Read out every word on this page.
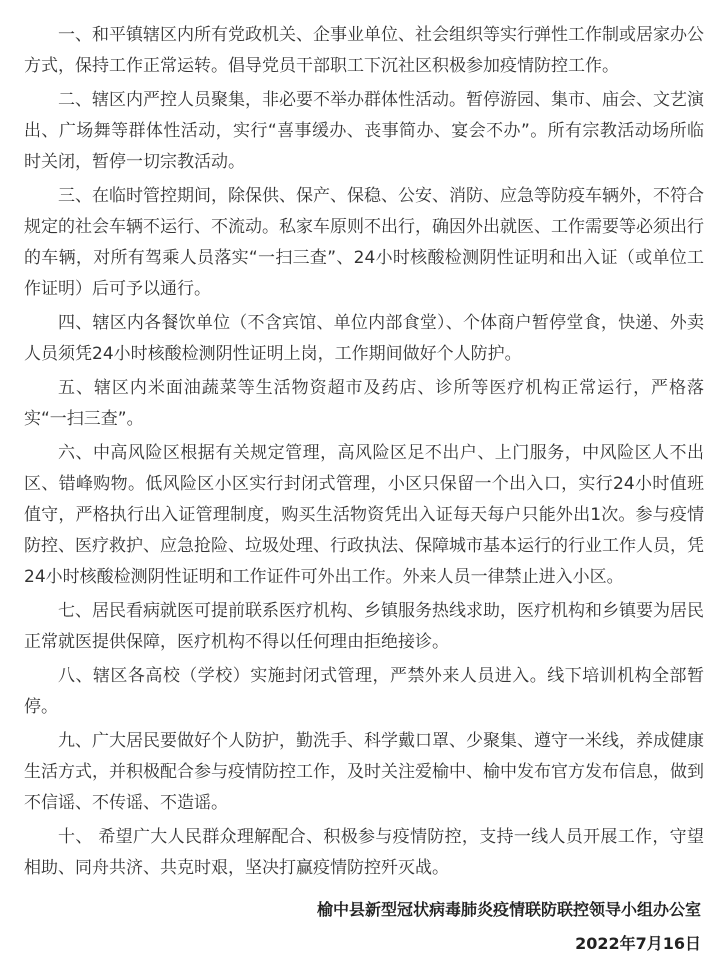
一、和平镇辖区内所有党政机关、企事业单位、社会组织等实行弹性工作制或居家办公方式，保持工作正常运转。倡导党员干部职工下沉社区积极参加疫情防控工作。

二、辖区内严控人员聚集，非必要不举办群体性活动。暂停游园、集市、庙会、文艺演出、广场舞等群体性活动，实行“喜事缓办、丧事简办、宴会不办”。所有宗教活动场所临时关闭，暂停一切宗教活动。

三、在临时管控期间，除保供、保产、保稳、公安、消防、应急等防疫车辆外，不符合规定的社会车辆不运行、不流动。私家车原则不出行，确因外出就医、工作需要等必须出行的车辆，对所有驾乘人员落实“一扫三查”、24小时核酸检测阴性证明和出入证（或单位工作证明）后可予以通行。

四、辖区内各餐饮单位（不含宾馆、单位内部食堂）、个体商户暂停堂食，快递、外卖人员须凭24小时核酸检测阴性证明上岗，工作期间做好个人防护。

五、辖区内米面油蔬菜等生活物资超市及药店、诊所等医疗机构正常运行，严格落实“一扫三查”。

六、中高风险区根据有关规定管理，高风险区足不出户、上门服务，中风险区人不出区、错峰购物。低风险区小区实行封闭式管理，小区只保留一个出入口，实行24小时值班值守，严格执行出入证管理制度，购买生活物资凭出入证每天每户只能外出1次。参与疫情防控、医疗救护、应急抢险、垃圾处理、行政执法、保障城市基本运行的行业工作人员，凭24小时核酸检测阴性证明和工作证件可外出工作。外来人员一律禁止进入小区。

七、居民看病就医可提前联系医疗机构、乡镇服务热线求助，医疗机构和乡镇要为居民正常就医提供保障，医疗机构不得以任何理由拒绝接诊。

八、辖区各高校（学校）实施封闭式管理，严禁外来人员进入。线下培训机构全部暂停。

九、广大居民要做好个人防护，勤洗手、科学戴口罩、少聚集、遵守一米线，养成健康生活方式，并积极配合参与疫情防控工作，及时关注爱榆中、榆中发布官方发布信息，做到不信谣、不传谣、不造谣。

十、 希望广大人民群众理解配合、积极参与疫情防控，支持一线人员开展工作，守望相助、同舟共济、共克时艰，坚决打赢疫情防控歼灭战。

榆中县新型冠状病毒肺炎疫情联防联控领导小组办公室
2022年7月16日
